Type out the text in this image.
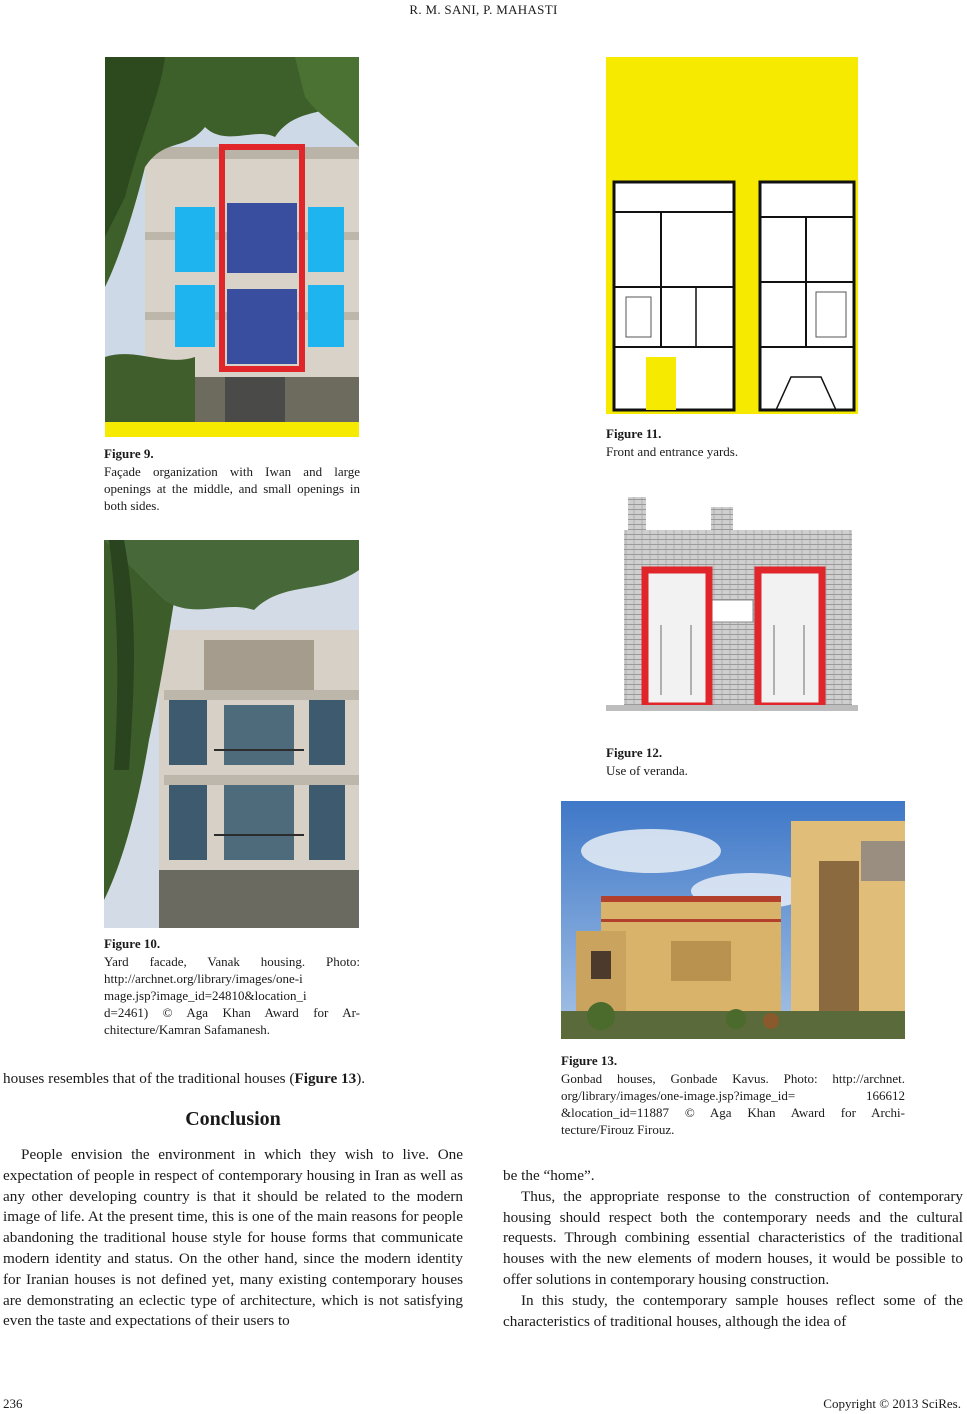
R. M. SANI, P. MAHASTI
Figure 9.
Façade organization with Iwan and large openings at the middle, and small openings in both sides.
Figure 10.
Yard facade, Vanak housing. Photo:
http://archnet.org/library/images/one-i
mage.jsp?image_id=24810&location_i
d=2461) © Aga Khan Award for Ar-
chitecture/Kamran Safamanesh.
Figure 11.
Front and entrance yards.
Figure 12.
Use of veranda.
Figure 13.
Gonbad houses, Gonbade Kavus. Photo: http://archnet.
org/library/images/one-image.jsp?image_id= 166612
&location_id=11887 © Aga Khan Award for Archi-
tecture/Firouz Firouz.
houses resembles that of the traditional houses (Figure 13).
Conclusion

People envision the environment in which they wish to live. One expectation of people in respect of contemporary housing in Iran as well as any other developing country is that it should be related to the modern image of life. At the present time, this is one of the main reasons for people abandoning the traditional house style for house forms that communicate modern identity and status. On the other hand, since the modern identity for Iranian houses is not defined yet, many existing contemporary houses are demonstrating an eclectic type of architecture, which is not satisfying even the taste and expectations of their users to

be the “home”.

Thus, the appropriate response to the construction of contemporary housing should respect both the contemporary needs and the cultural requests. Through combining essential characteristics of the traditional houses with the new elements of modern houses, it would be possible to offer solutions in contemporary housing construction.

In this study, the contemporary sample houses reflect some of the characteristics of traditional houses, although the idea of

236	Copyright © 2013 SciRes.
